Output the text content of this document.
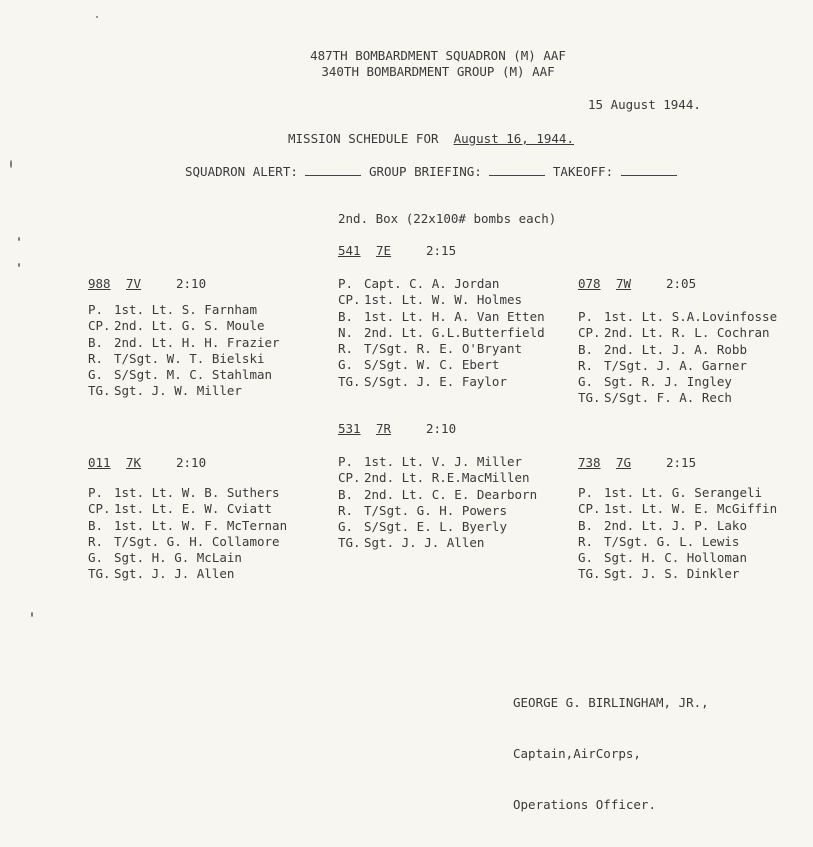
487TH BOMBARDMENT SQUADRON (M) AAF
340TH BOMBARDMENT GROUP (M) AAF
15 August 1944.
MISSION SCHEDULE FOR August 16, 1944.
SQUADRON ALERT:	GROUP BRIEFING:	TAKEOFF:
2nd. Box (22x100# bombs each)
988 7V	2:10
P. 1st. Lt. S. Farnham
CP. 2nd. Lt. G. S. Moule
B. 2nd. Lt. H. H. Frazier
R. T/Sgt. W. T. Bielski
G. S/Sgt. M. C. Stahlman
TG. Sgt. J. W. Miller
541 7E	2:15
P. Capt. C. A. Jordan
CP. 1st. Lt. W. W. Holmes
B. 1st. Lt. H. A. Van Etten
N. 2nd. Lt. G.L.Butterfield
R. T/Sgt. R. E. O'Bryant
G. S/Sgt. W. C. Ebert
TG. S/Sgt. J. E. Faylor
078 7W	2:05
P. 1st. Lt. S.A.Lovinfosse
CP. 2nd. Lt. R. L. Cochran
B. 2nd. Lt. J. A. Robb
R. T/Sgt. J. A. Garner
G. Sgt. R. J. Ingley
TG. S/Sgt. F. A. Rech
011 7K	2:10
P. 1st. Lt. W. B. Suthers
CP. 1st. Lt. E. W. Cviatt
B. 1st. Lt. W. F. McTernan
R. T/Sgt. G. H. Collamore
G. Sgt. H. G. McLain
TG. Sgt. J. J. Allen
531 7R	2:10
P. 1st. Lt. V. J. Miller
CP. 2nd. Lt. R.E.MacMillen
B. 2nd. Lt. C. E. Dearborn
R. T/Sgt. G. H. Powers
G. S/Sgt. E. L. Byerly
TG. Sgt. J. J. Allen
738 7G	2:15
P. 1st. Lt. G. Serangeli
CP. 1st. Lt. W. E. McGiffin
B. 2nd. Lt. J. P. Lako
R. T/Sgt. G. L. Lewis
G. Sgt. H. C. Holloman
TG. Sgt. J. S. Dinkler

GEORGE G. BIRLINGHAM, JR.,

Captain,AirCorps,

Operations Officer.
